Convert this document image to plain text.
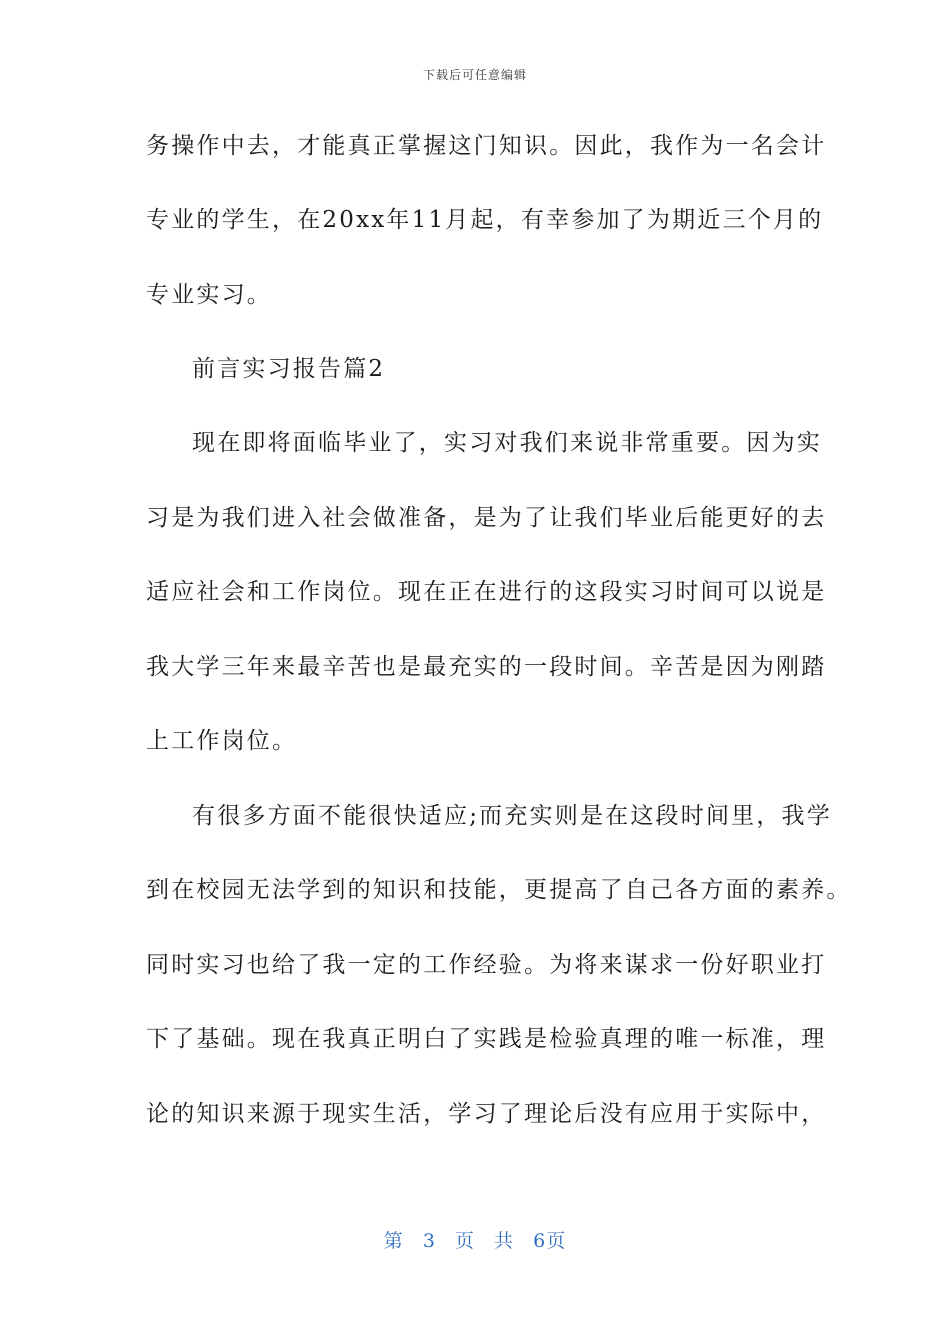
下载后可任意编辑
务操作中去，才能真正掌握这门知识。因此，我作为一名会计
专业的学生，在20xx年11月起，有幸参加了为期近三个月的
专业实习。
前言实习报告篇2
现在即将面临毕业了，实习对我们来说非常重要。因为实
习是为我们进入社会做准备，是为了让我们毕业后能更好的去
适应社会和工作岗位。现在正在进行的这段实习时间可以说是
我大学三年来最辛苦也是最充实的一段时间。辛苦是因为刚踏
上工作岗位。
有很多方面不能很快适应;而充实则是在这段时间里，我学
到在校园无法学到的知识和技能，更提高了自己各方面的素养。
同时实习也给了我一定的工作经验。为将来谋求一份好职业打
下了基础。现在我真正明白了实践是检验真理的唯一标准，理
论的知识来源于现实生活，学习了理论后没有应用于实际中，
第 3 页 共 6页
